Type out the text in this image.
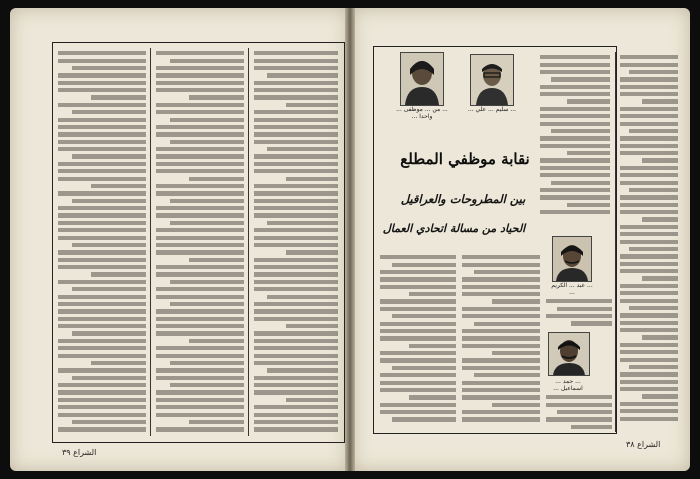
الشراع ٣٩
... من ... موظفى ... واحدا ...
... سليم ... علي ...
نقابة موظفي المطلع
بين المطروحات والعراقيل
الحياد من مسالة اتحادي العمال
... عبد ... الكريم ...
... حمد ... اسماعيل ...
الشراع ٣٨
